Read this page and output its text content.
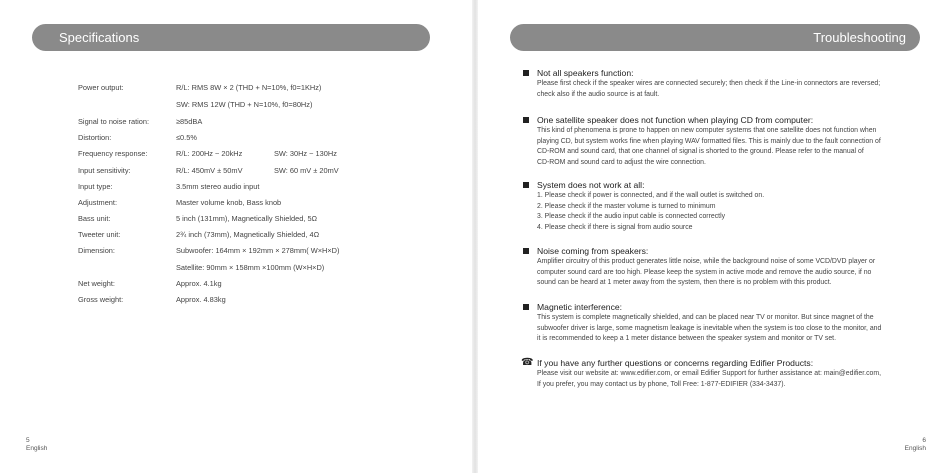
Specifications
Power output:	R/L: RMS 8W × 2 (THD + N=10%, f0=1KHz)
SW: RMS 12W (THD + N=10%, f0=80Hz)
Signal to noise ration:	≥85dBA
Distortion:	≤0.5%
Frequency response:	R/L: 200Hz ~ 20kHz	SW: 30Hz ~ 130Hz
Input sensitivity:	R/L: 450mV ± 50mV	SW: 60 mV ± 20mV
Input type:	3.5mm stereo audio input
Adjustment:	Master volume knob, Bass knob
Bass unit:	5 inch (131mm), Magnetically Shielded, 5Ω
Tweeter unit:	2¾ inch (73mm), Magnetically Shielded, 4Ω
Dimension:	Subwoofer: 164mm × 192mm × 278mm( W×H×D)
Satellite: 90mm × 158mm ×100mm (W×H×D)
Net weight:	Approx. 4.1kg
Gross weight:	Approx. 4.83kg
5
English
Troubleshooting
Not all speakers function:
Please first check if the speaker wires are connected securely; then check if the Line-in connectors are reversed;
check also if the audio source is at fault.
One satellite speaker does not function when playing CD from computer:
This kind of phenomena is prone to happen on new computer systems that one satellite does not function when
playing CD, but system works fine when playing WAV formatted files. This is mainly due to the fault connection of
CD-ROM and sound card, that one channel of signal is shorted to the ground. Please refer to the manual of
CD-ROM and sound card to adjust the wire connection.
System does not work at all:
1. Please check if power is connected, and if the wall outlet is switched on.
2. Please check if the master volume is turned to minimum
3. Please check if the audio input cable is connected correctly
4. Please check if there is signal from audio source
Noise coming from speakers:
Amplifier circuitry of this product generates little noise, while the background noise of some VCD/DVD player or
computer sound card are too high. Please keep the system in active mode and remove the audio source, if no
sound can be heard at 1 meter away from the system, then there is no problem with this product.
Magnetic interference:
This system is complete magnetically shielded, and can be placed near TV or monitor. But since magnet of the
subwoofer driver is large, some magnetism leakage is inevitable when the system is too close to the monitor, and
it is recommended to keep a 1 meter distance between the speaker system and monitor or TV set.
☎ If you have any further questions or concerns regarding Edifier Products:
Please visit our website at: www.edifier.com, or email Edifier Support for further assistance at: main@edifier.com,
If you prefer, you may contact us by phone, Toll Free: 1-877-EDIFIER (334-3437).
6
English
